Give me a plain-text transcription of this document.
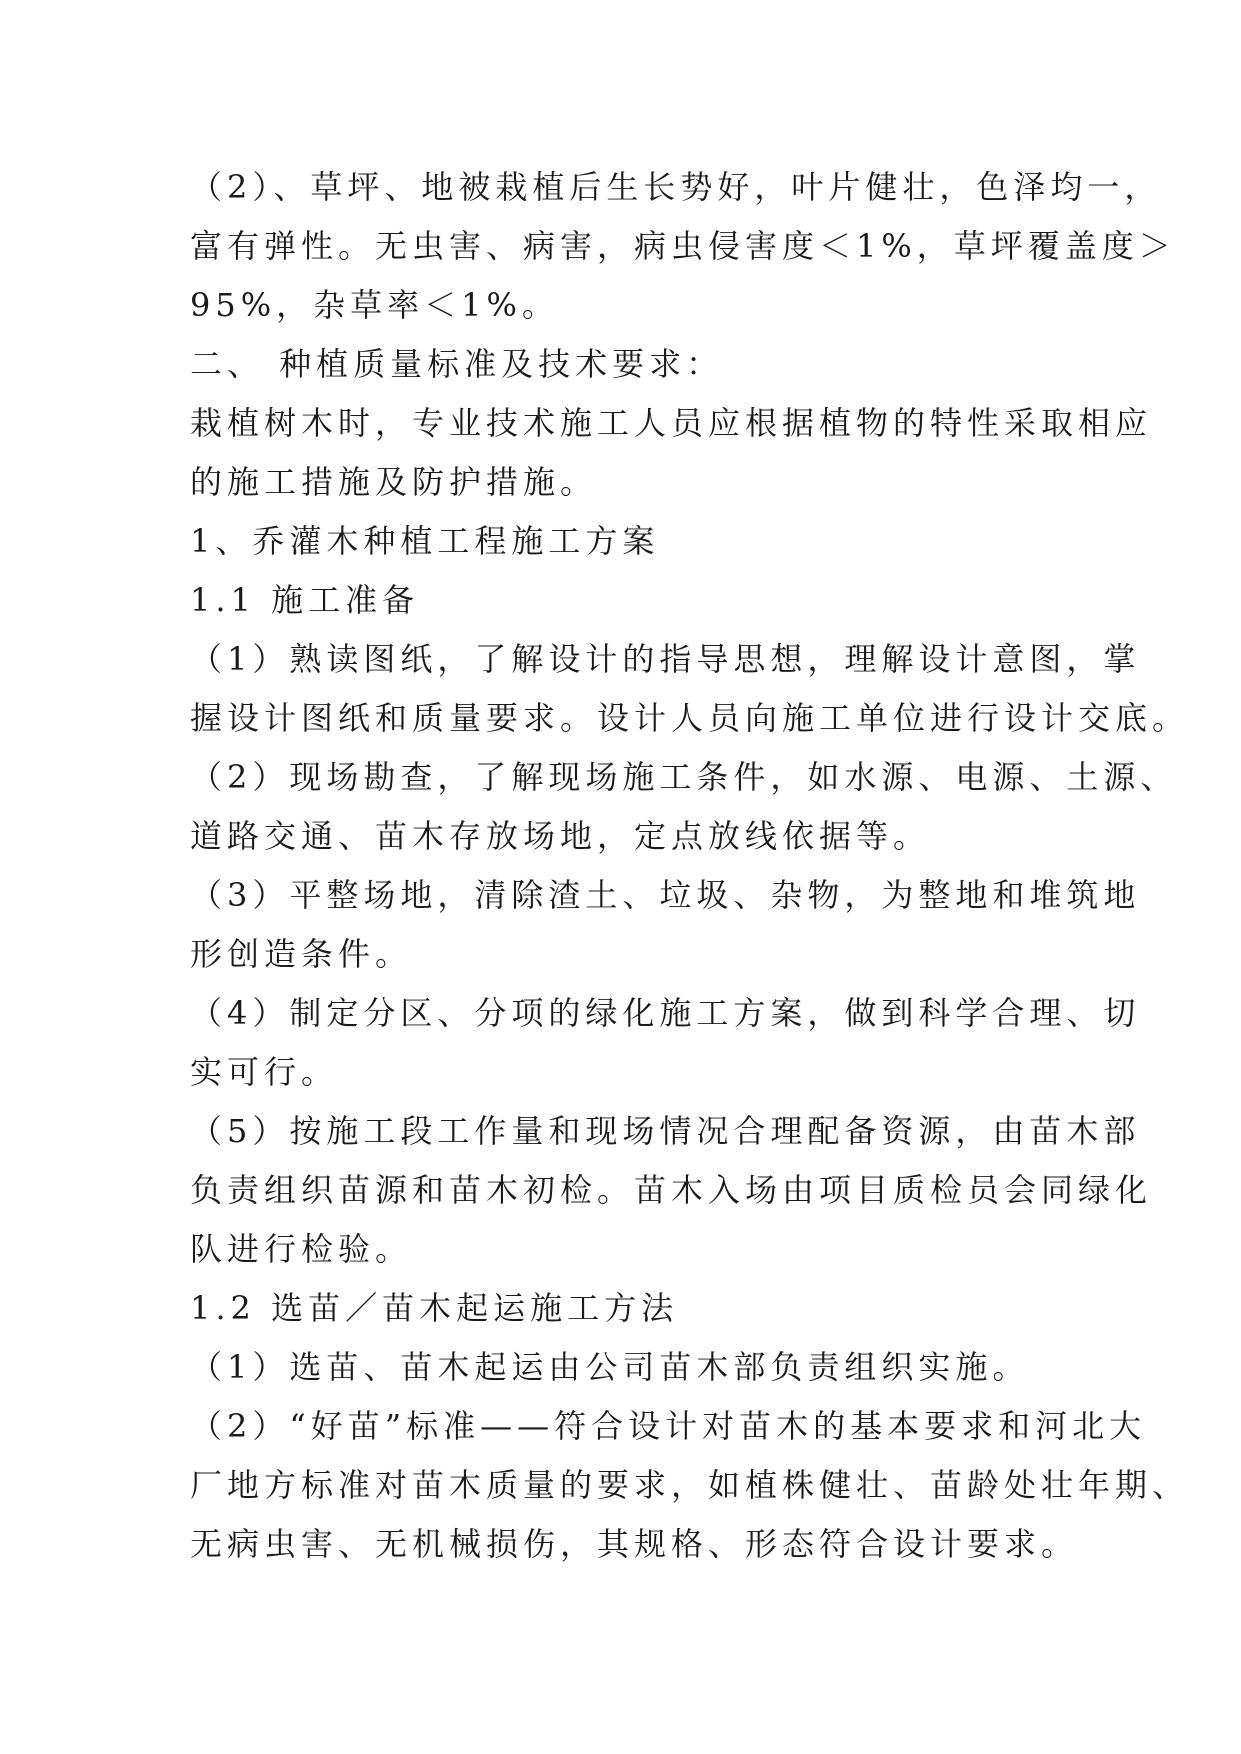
（2）、草坪、地被栽植后生长势好，叶片健壮，色泽均一，
富有弹性。无虫害、病害，病虫侵害度＜1%，草坪覆盖度＞
95%，杂草率＜1%。
二、 种植质量标准及技术要求：
栽植树木时，专业技术施工人员应根据植物的特性采取相应
的施工措施及防护措施。
1、乔灌木种植工程施工方案
1.1 施工准备
（1）熟读图纸，了解设计的指导思想，理解设计意图，掌
握设计图纸和质量要求。设计人员向施工单位进行设计交底。
（2）现场勘查，了解现场施工条件，如水源、电源、土源、
道路交通、苗木存放场地，定点放线依据等。
（3）平整场地，清除渣土、垃圾、杂物，为整地和堆筑地
形创造条件。
（4）制定分区、分项的绿化施工方案，做到科学合理、切
实可行。
（5）按施工段工作量和现场情况合理配备资源，由苗木部
负责组织苗源和苗木初检。苗木入场由项目质检员会同绿化
队进行检验。
1.2 选苗／苗木起运施工方法
（1）选苗、苗木起运由公司苗木部负责组织实施。
（2）“好苗”标准——符合设计对苗木的基本要求和河北大
厂地方标准对苗木质量的要求，如植株健壮、苗龄处壮年期、
无病虫害、无机械损伤，其规格、形态符合设计要求。
